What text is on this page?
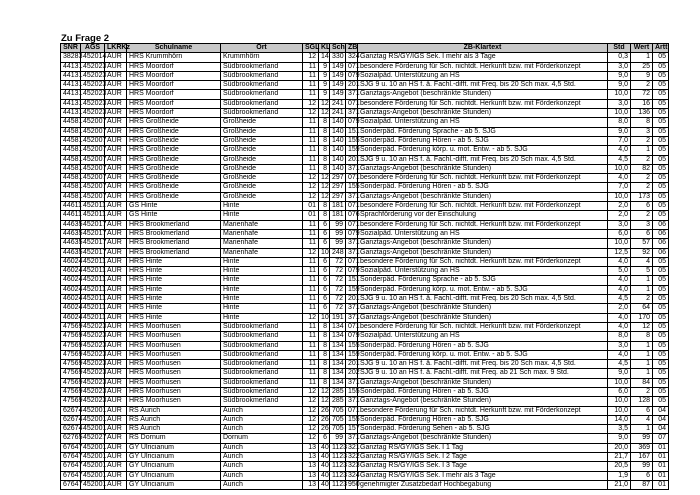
Zu Frage 2
SNR	AGS	LKRKz	Schulname	Ort	SGL	KL	Sch	ZB	ZB-Klartext	Std	Wert	Artt
38283	452014	AUR	HRS Krummhörn	Krummhörn	12	14	330	324	Ganztag RS/GY/IGS Sek. I mehr als 3 Tage	0,3	1	05
44131	452023	AUR	HRS Moordorf	Südbrookmerland	11	9	149	071	besondere Förderung für Sch. nichtdt. Herkunft bzw. mit Förderkonzept	3,0	25	05
44131	452023	AUR	HRS Moordorf	Südbrookmerland	11	9	149	079	Sozialpäd. Unterstützung an HS	9,0	9	05
44131	452023	AUR	HRS Moordorf	Südbrookmerland	11	9	149	201	SJG 9 u. 10 an HS f. ä. Fachl.-difft. mit Freq. bis 20 Sch max. 4,5 Std.	9,0	2	05
44131	452023	AUR	HRS Moordorf	Südbrookmerland	11	9	149	371	Ganztags-Angebot (beschränkte Stunden)	10,0	72	05
44131	452023	AUR	HRS Moordorf	Südbrookmerland	12	12	241	071	besondere Förderung für Sch. nichtdt. Herkunft bzw. mit Förderkonzept	3,0	16	05
44131	452023	AUR	HRS Moordorf	Südbrookmerland	12	12	241	371	Ganztags-Angebot (beschränkte Stunden)	10,0	136	05
44581	452007	AUR	HRS Großheide	Großheide	11	8	140	079	Sozialpäd. Unterstützung an HS	8,0	8	05
44581	452007	AUR	HRS Großheide	Großheide	11	8	140	151	Sonderpäd. Förderung Sprache - ab 5. SJG	9,0	3	05
44581	452007	AUR	HRS Großheide	Großheide	11	8	140	155	Sonderpäd. Förderung Hören - ab 5. SJG	7,0	2	05
44581	452007	AUR	HRS Großheide	Großheide	11	8	140	159	Sonderpäd. Förderung körp. u. mot. Entw. - ab 5. SJG	4,0	1	05
44581	452007	AUR	HRS Großheide	Großheide	11	8	140	201	SJG 9 u. 10 an HS f. ä. Fachl.-difft. mit Freq. bis 20 Sch max. 4,5 Std.	4,5	2	05
44581	452007	AUR	HRS Großheide	Großheide	11	8	140	371	Ganztags-Angebot (beschränkte Stunden)	10,0	82	05
44581	452007	AUR	HRS Großheide	Großheide	12	12	297	071	besondere Förderung für Sch. nichtdt. Herkunft bzw. mit Förderkonzept	4,0	2	05
44581	452007	AUR	HRS Großheide	Großheide	12	12	297	155	Sonderpäd. Förderung Hören - ab 5. SJG	7,0	2	05
44581	452007	AUR	HRS Großheide	Großheide	12	12	297	371	Ganztags-Angebot (beschränkte Stunden)	10,0	173	05
44611	452011	AUR	GS Hinte	Hinte	01	8	181	071	besondere Förderung für Sch. nichtdt. Herkunft bzw. mit Förderkonzept	2,0	6	05
44611	452011	AUR	GS Hinte	Hinte	01	8	181	076	Sprachförderung vor der Einschulung	2,0	2	05
44635	452017	AUR	HRS Brookmerland	Marienhafe	11	6	99	071	besondere Förderung für Sch. nichtdt. Herkunft bzw. mit Förderkonzept	3,0	3	06
44635	452017	AUR	HRS Brookmerland	Marienhafe	11	6	99	079	Sozialpäd. Unterstützung an HS	6,0	6	06
44635	452017	AUR	HRS Brookmerland	Marienhafe	11	6	99	371	Ganztags-Angebot (beschränkte Stunden)	10,0	57	06
44635	452017	AUR	HRS Brookmerland	Marienhafe	12	10	248	371	Ganztags-Angebot (beschränkte Stunden)	12,5	92	06
46024	452011	AUR	HRS Hinte	Hinte	11	6	72	071	besondere Förderung für Sch. nichtdt. Herkunft bzw. mit Förderkonzept	4,0	4	05
46024	452011	AUR	HRS Hinte	Hinte	11	6	72	079	Sozialpäd. Unterstützung an HS	5,0	5	05
46024	452011	AUR	HRS Hinte	Hinte	11	6	72	151	Sonderpäd. Förderung Sprache - ab 5. SJG	4,0	1	05
46024	452011	AUR	HRS Hinte	Hinte	11	6	72	159	Sonderpäd. Förderung körp. u. mot. Entw. - ab 5. SJG	4,0	1	05
46024	452011	AUR	HRS Hinte	Hinte	11	6	72	201	SJG 9 u. 10 an HS f. ä. Fachl.-difft. mit Freq. bis 20 Sch max. 4,5 Std.	4,5	2	05
46024	452011	AUR	HRS Hinte	Hinte	11	6	72	371	Ganztags-Angebot (beschränkte Stunden)	2,0	64	05
46024	452011	AUR	HRS Hinte	Hinte	12	10	191	371	Ganztags-Angebot (beschränkte Stunden)	4,0	170	05
47569	452023	AUR	HRS Moorhusen	Südbrookmerland	11	8	134	071	besondere Förderung für Sch. nichtdt. Herkunft bzw. mit Förderkonzept	4,0	12	05
47569	452023	AUR	HRS Moorhusen	Südbrookmerland	11	8	134	079	Sozialpäd. Unterstützung an HS	8,0	8	05
47569	452023	AUR	HRS Moorhusen	Südbrookmerland	11	8	134	155	Sonderpäd. Förderung Hören - ab 5. SJG	3,0	1	05
47569	452023	AUR	HRS Moorhusen	Südbrookmerland	11	8	134	159	Sonderpäd. Förderung körp. u. mot. Entw. - ab 5. SJG	4,0	1	05
47569	452023	AUR	HRS Moorhusen	Südbrookmerland	11	8	134	201	SJG 9 u. 10 an HS f. ä. Fachl.-difft. mit Freq. bis 20 Sch max. 4,5 Std.	4,5	1	05
47569	452023	AUR	HRS Moorhusen	Südbrookmerland	11	8	134	202	SJG 9 u. 10 an HS f. ä. Fachl.-difft. mit Freq. ab 21 Sch max. 9 Std.	9,0	1	05
47569	452023	AUR	HRS Moorhusen	Südbrookmerland	11	8	134	371	Ganztags-Angebot (beschränkte Stunden)	10,0	84	05
47569	452023	AUR	HRS Moorhusen	Südbrookmerland	12	12	285	155	Sonderpäd. Förderung Hören - ab 5. SJG	6,0	2	05
47569	452023	AUR	HRS Moorhusen	Südbrookmerland	12	12	285	371	Ganztags-Angebot (beschränkte Stunden)	10,0	128	05
62674	452001	AUR	RS Aurich	Aurich	12	26	705	071	besondere Förderung für Sch. nichtdt. Herkunft bzw. mit Förderkonzept	10,0	6	04
62674	452001	AUR	RS Aurich	Aurich	12	26	705	155	Sonderpäd. Förderung Hören - ab 5. SJG	14,0	4	04
62674	452001	AUR	RS Aurich	Aurich	12	26	705	157	Sonderpäd. Förderung Sehen - ab 5. SJG	3,5	1	04
62765	452027	AUR	RS Dornum	Dornum	12	6	99	371	Ganztags-Angebot (beschränkte Stunden)	9,0	99	07
67647	452001	AUR	GY Ulricianum	Aurich	13	40	1123	321	Ganztag RS/GY/IGS Sek. I 1 Tag	20,0	369	01
67647	452001	AUR	GY Ulricianum	Aurich	13	40	1123	322	Ganztag RS/GY/IGS Sek. I 2 Tage	21,7	167	01
67647	452001	AUR	GY Ulricianum	Aurich	13	40	1123	323	Ganztag RS/GY/IGS Sek. I 3 Tage	20,5	99	01
67647	452001	AUR	GY Ulricianum	Aurich	13	40	1123	324	Ganztag RS/GY/IGS Sek. I mehr als 3 Tage	1,9	6	01
67647	452001	AUR	GY Ulricianum	Aurich	13	40	1123	950	genehmigter Zusatzbedarf Hochbegabung	21,0	87	01
